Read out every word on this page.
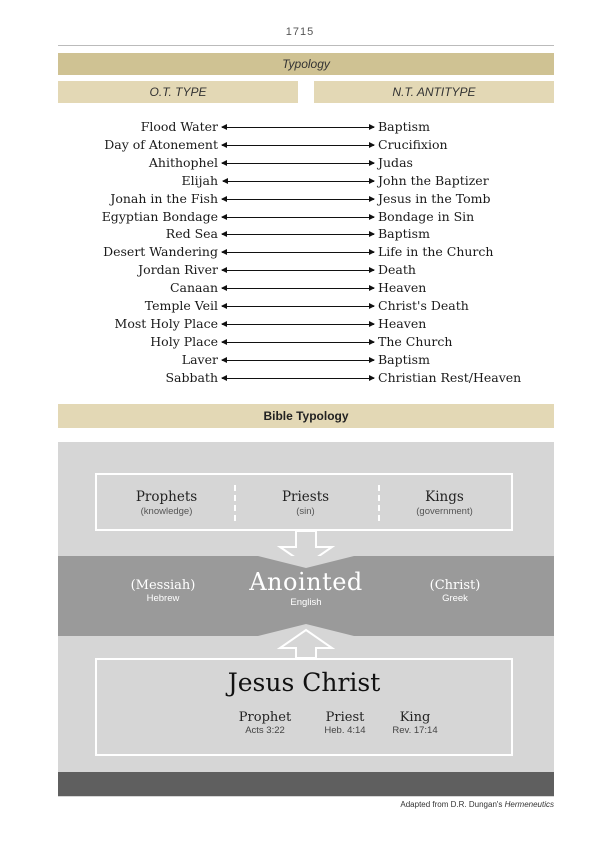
1715
Typology
O.T. TYPE	N.T. ANTITYPE
Flood Water	Baptism
Day of Atonement	Crucifixion
Ahithophel	Judas
Elijah	John the Baptizer
Jonah in the Fish	Jesus in the Tomb
Egyptian Bondage	Bondage in Sin
Red Sea	Baptism
Desert Wandering	Life in the Church
Jordan River	Death
Canaan	Heaven
Temple Veil	Christ's Death
Most Holy Place	Heaven
Holy Place	The Church
Laver	Baptism
Sabbath	Christian Rest/Heaven
Bible Typology
Prophets
(knowledge)
Priests
(sin)
Kings
(government)
(Messiah)
Hebrew
Anointed
English
(Christ)
Greek
Jesus Christ
Prophet
Acts 3:22
Priest
Heb. 4:14
King
Rev. 17:14
Adapted from D.R. Dungan's Hermeneutics
